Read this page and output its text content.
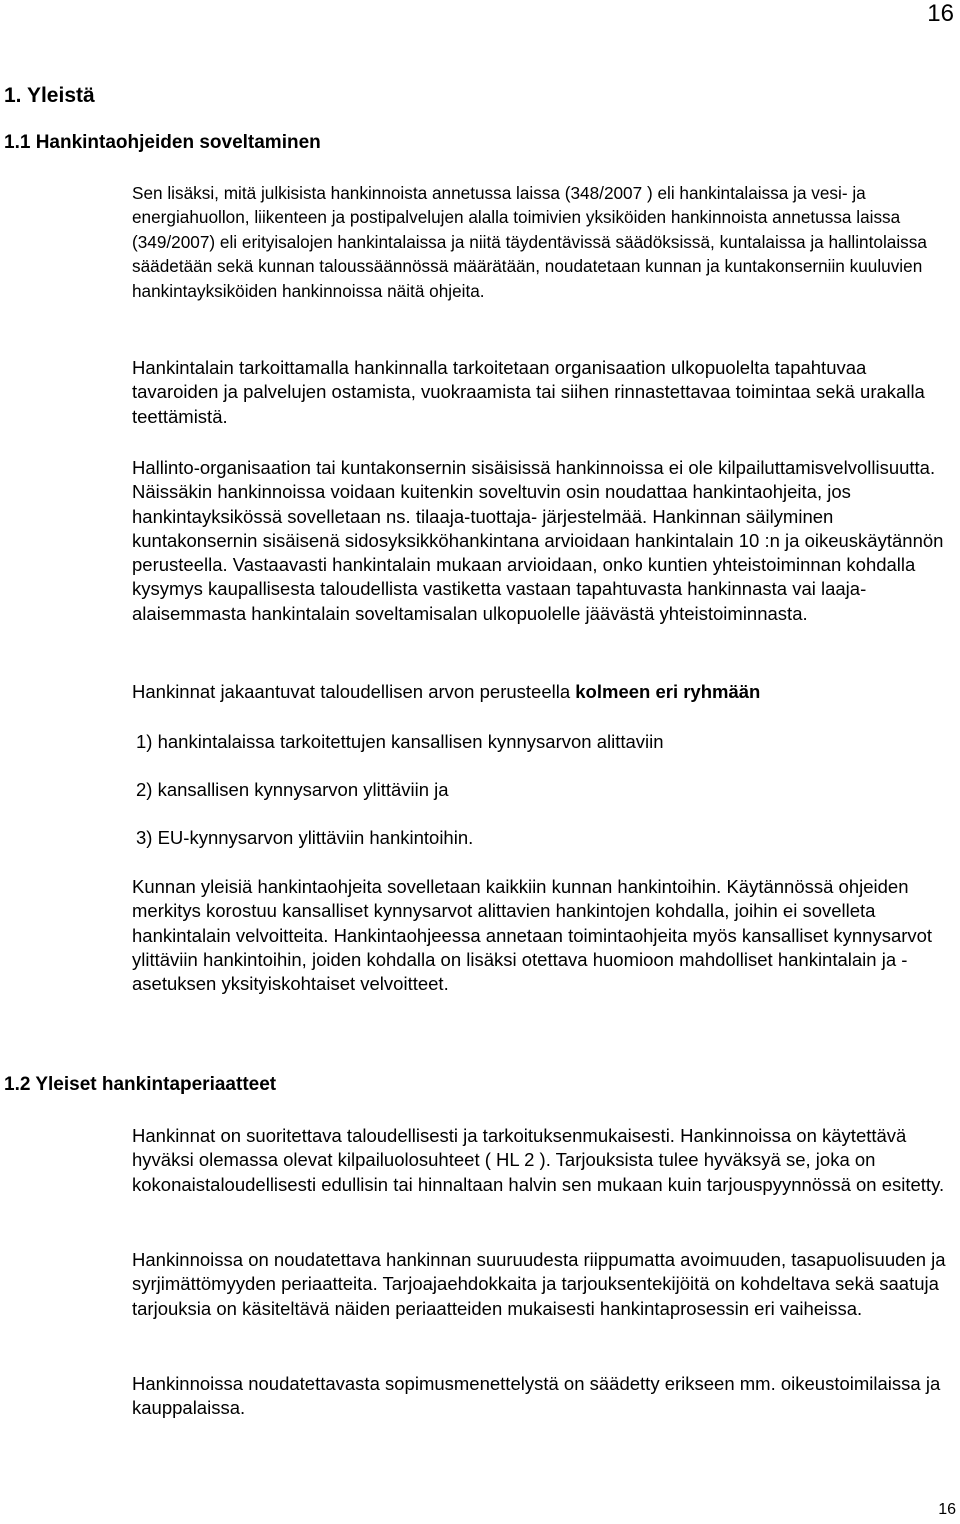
16
1. Yleistä
1.1 Hankintaohjeiden soveltaminen

Sen lisäksi, mitä julkisista hankinnoista annetussa laissa (348/2007 ) eli hankintalaissa ja vesi- ja energiahuollon, liikenteen ja postipalvelujen alalla toimivien yksiköiden hankinnoista annetussa laissa (349/2007) eli erityisalojen hankintalaissa ja niitä täydentävissä säädöksissä, kuntalaissa ja hallintolaissa säädetään sekä kunnan taloussäännössä määrätään, noudatetaan kunnan ja kuntakonserniin kuuluvien hankintayksiköiden hankinnoissa näitä ohjeita.

Hankintalain tarkoittamalla hankinnalla tarkoitetaan organisaation ulkopuolelta tapahtuvaa tavaroiden ja palvelujen ostamista, vuokraamista tai siihen rinnastettavaa toimintaa sekä urakalla teettämistä.

Hallinto-organisaation tai kuntakonsernin sisäisissä hankinnoissa ei ole kilpailuttamisvelvollisuutta. Näissäkin hankinnoissa voidaan kuitenkin soveltuvin osin noudattaa hankintaohjeita, jos hankintayksikössä sovelletaan ns. tilaaja-tuottaja- järjestelmää. Hankinnan säilyminen kuntakonsernin sisäisenä sidosyksikköhankintana arvioidaan hankintalain 10 :n ja oikeuskäytännön perusteella. Vastaavasti hankintalain mukaan arvioidaan, onko kuntien yhteistoiminnan kohdalla kysymys kaupallisesta taloudellista vastiketta vastaan tapahtuvasta hankinnasta vai laaja-alaisemmasta hankintalain soveltamisalan ulkopuolelle jäävästä yhteistoiminnasta.

Hankinnat jakaantuvat taloudellisen arvon perusteella kolmeen eri ryhmään

1) hankintalaissa tarkoitettujen kansallisen kynnysarvon alittaviin
2) kansallisen kynnysarvon ylittäviin ja
3) EU-kynnysarvon ylittäviin hankintoihin.

Kunnan yleisiä hankintaohjeita sovelletaan kaikkiin kunnan hankintoihin. Käytännössä ohjeiden merkitys korostuu kansalliset kynnysarvot alittavien hankintojen kohdalla, joihin ei sovelleta hankintalain velvoitteita. Hankintaohjeessa annetaan toimintaohjeita myös kansalliset kynnysarvot ylittäviin hankintoihin, joiden kohdalla on lisäksi otettava huomioon mahdolliset hankintalain ja -asetuksen yksityiskohtaiset velvoitteet.

1.2 Yleiset hankintaperiaatteet

Hankinnat on suoritettava taloudellisesti ja tarkoituksenmukaisesti. Hankinnoissa on käytettävä hyväksi olemassa olevat kilpailuolosuhteet ( HL 2 ). Tarjouksista tulee hyväksyä se, joka on kokonaistaloudellisesti edullisin tai hinnaltaan halvin sen mukaan kuin tarjouspyynnössä on esitetty.

Hankinnoissa on noudatettava hankinnan suuruudesta riippumatta avoimuuden, tasapuolisuuden ja syrjimättömyyden periaatteita. Tarjoajaehdokkaita ja tarjouksentekijöitä on kohdeltava sekä saatuja tarjouksia on käsiteltävä näiden periaatteiden mukaisesti hankintaprosessin eri vaiheissa.

Hankinnoissa noudatettavasta sopimusmenettelystä on säädetty erikseen mm. oikeustoimilaissa ja kauppalaissa.

16
